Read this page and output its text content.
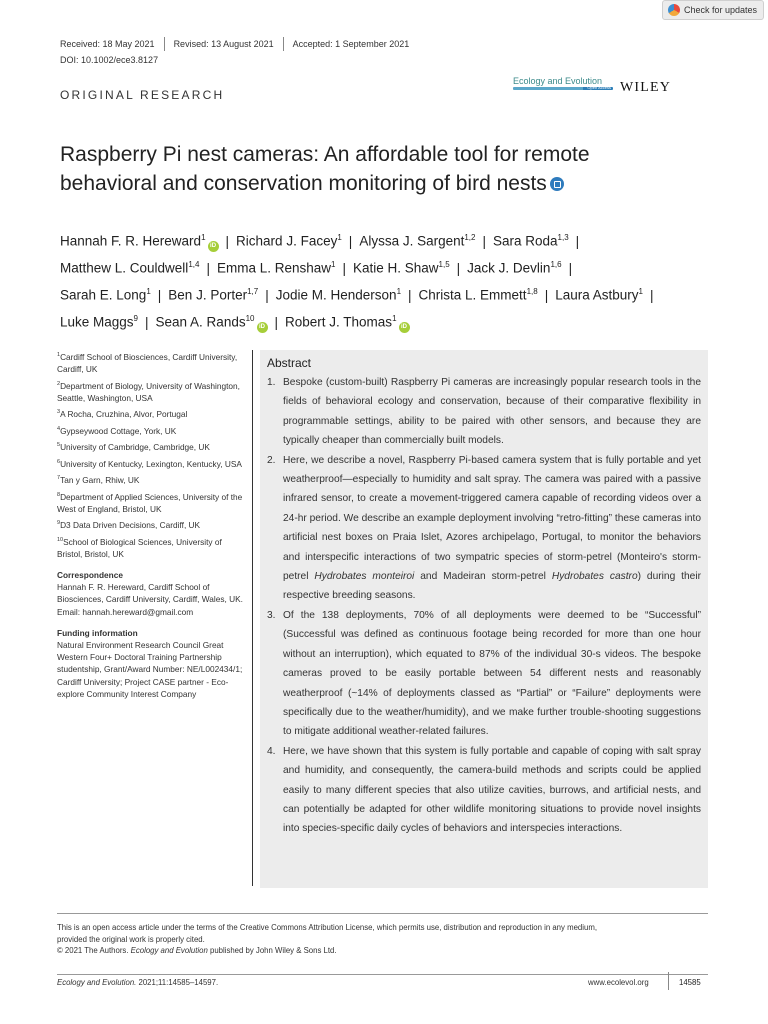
Check for updates
Received: 18 May 2021 Revised: 13 August 2021 Accepted: 1 September 2021
DOI: 10.1002/ece3.8127
ORIGINAL RESEARCH
Ecology and Evolution
Open Access WILEY
Raspberry Pi nest cameras: An affordable tool for remote
behavioral and conservation monitoring of bird nests
Hannah F. R. Hereward$^1$iD | Richard J. Facey$^1$ | Alyssa J. Sargent$^{1,2}$ | Sara Roda$^{1,3}$ |
Matthew L. Couldwell$^{1,4}$ | Emma L. Renshaw$^1$ | Katie H. Shaw$^{1,5}$ | Jack J. Devlin$^{1,6}$ |
Sarah E. Long$^1$ | Ben J. Porter$^{1,7}$ | Jodie M. Henderson$^1$ | Christa L. Emmett$^{1,8}$ | Laura Astbury$^1$ |
Luke Maggs$^9$ | Sean A. Rands$^{10}$iD | Robert J. Thomas$^1$iD
$^1$Cardiff School of Biosciences, Cardiff University, Cardiff, UK
$^2$Department of Biology, University of Washington, Seattle, Washington, USA
$^3$A Rocha, Cruzhina, Alvor, Portugal
$^4$Gypseywood Cottage, York, UK
$^5$University of Cambridge, Cambridge, UK
$^6$University of Kentucky, Lexington, Kentucky, USA
$^7$Tan y Garn, Rhiw, UK
$^8$Department of Applied Sciences, University of the West of England, Bristol, UK
$^9$D3 Data Driven Decisions, Cardiff, UK
$^{10}$School of Biological Sciences, University of Bristol, Bristol, UK
Correspondence
Hannah F. R. Hereward, Cardiff School of Biosciences, Cardiff University, Cardiff, Wales, UK.
Email: hannah.hereward@gmail.com
Funding information
Natural Environment Research Council Great Western Four+ Doctoral Training Partnership studentship, Grant/Award Number: NE/L002434/1; Cardiff University; Project CASE partner - Eco-explore Community Interest Company
Abstract
1. Bespoke (custom-built) Raspberry Pi cameras are increasingly popular research tools in the fields of behavioral ecology and conservation, because of their comparative flexibility in programmable settings, ability to be paired with other sensors, and because they are typically cheaper than commercially built models.
2. Here, we describe a novel, Raspberry Pi-based camera system that is fully portable and yet weatherproof—especially to humidity and salt spray. The camera was paired with a passive infrared sensor, to create a movement-triggered camera capable of recording videos over a 24-hr period. We describe an example deployment involving “retro-fitting” these cameras into artificial nest boxes on Praia Islet, Azores archipelago, Portugal, to monitor the behaviors and interspecific interactions of two sympatric species of storm-petrel (Monteiro's storm-petrel Hydrobates monteiroi and Madeiran storm-petrel Hydrobates castro) during their respective breeding seasons.
3. Of the 138 deployments, 70% of all deployments were deemed to be “Successful” (Successful was defined as continuous footage being recorded for more than one hour without an interruption), which equated to 87% of the individual 30-s videos. The bespoke cameras proved to be easily portable between 54 different nests and reasonably weatherproof (~14% of deployments classed as “Partial” or “Failure” deployments were specifically due to the weather/humidity), and we make further trouble-shooting suggestions to mitigate additional weather-related failures.
4. Here, we have shown that this system is fully portable and capable of coping with salt spray and humidity, and consequently, the camera-build methods and scripts could be applied easily to many different species that also utilize cavities, burrows, and artificial nests, and can potentially be adapted for other wildlife monitoring situations to provide novel insights into species-specific daily cycles of behaviors and interspecies interactions.
This is an open access article under the terms of the Creative Commons Attribution License, which permits use, distribution and reproduction in any medium,
provided the original work is properly cited.
© 2021 The Authors. Ecology and Evolution published by John Wiley & Sons Ltd.
Ecology and Evolution. 2021;11:14585–14597.	www.ecolevol.org	14585
